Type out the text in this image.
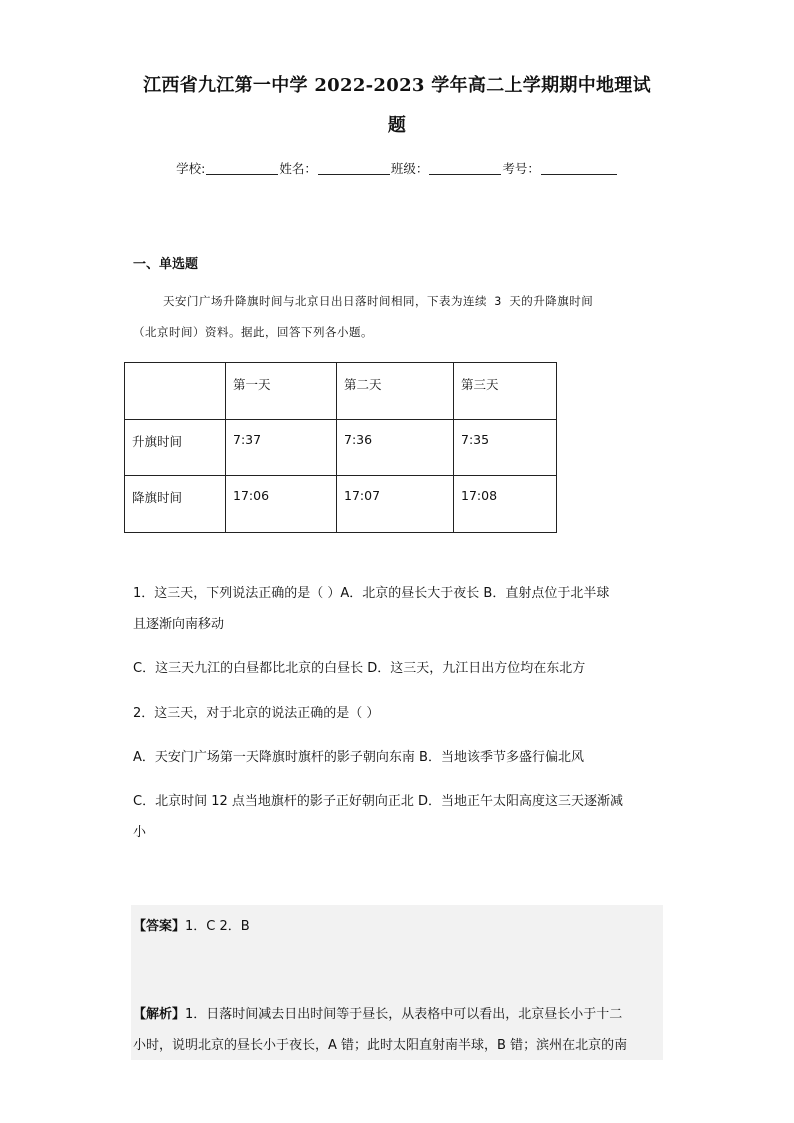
江西省九江第一中学 2022-2023 学年高二上学期期中地理试
题
学校:	姓名：	班级：	考号：
一、单选题

天安门广场升降旗时间与北京日出日落时间相同，下表为连续 3 天的升降旗时间

（北京时间）资料。据此，回答下列各小题。

	第一天	第二天	第三天
升旗时间	7:37	7:36	7:35
降旗时间	17:06	17:07	17:08

1．这三天，下列说法正确的是（ ）A．北京的昼长大于夜长 B．直射点位于北半球

且逐渐向南移动

C．这三天九江的白昼都比北京的白昼长 D．这三天，九江日出方位均在东北方

2．这三天，对于北京的说法正确的是（ ）

A．天安门广场第一天降旗时旗杆的影子朝向东南 B．当地该季节多盛行偏北风

C．北京时间 12 点当地旗杆的影子正好朝向正北 D．当地正午太阳高度这三天逐渐减

小

【答案】1．C 2．B

【解析】1．日落时间减去日出时间等于昼长，从表格中可以看出，北京昼长小于十二

小时，说明北京的昼长小于夜长，A 错；此时太阳直射南半球，B 错；滨州在北京的南
